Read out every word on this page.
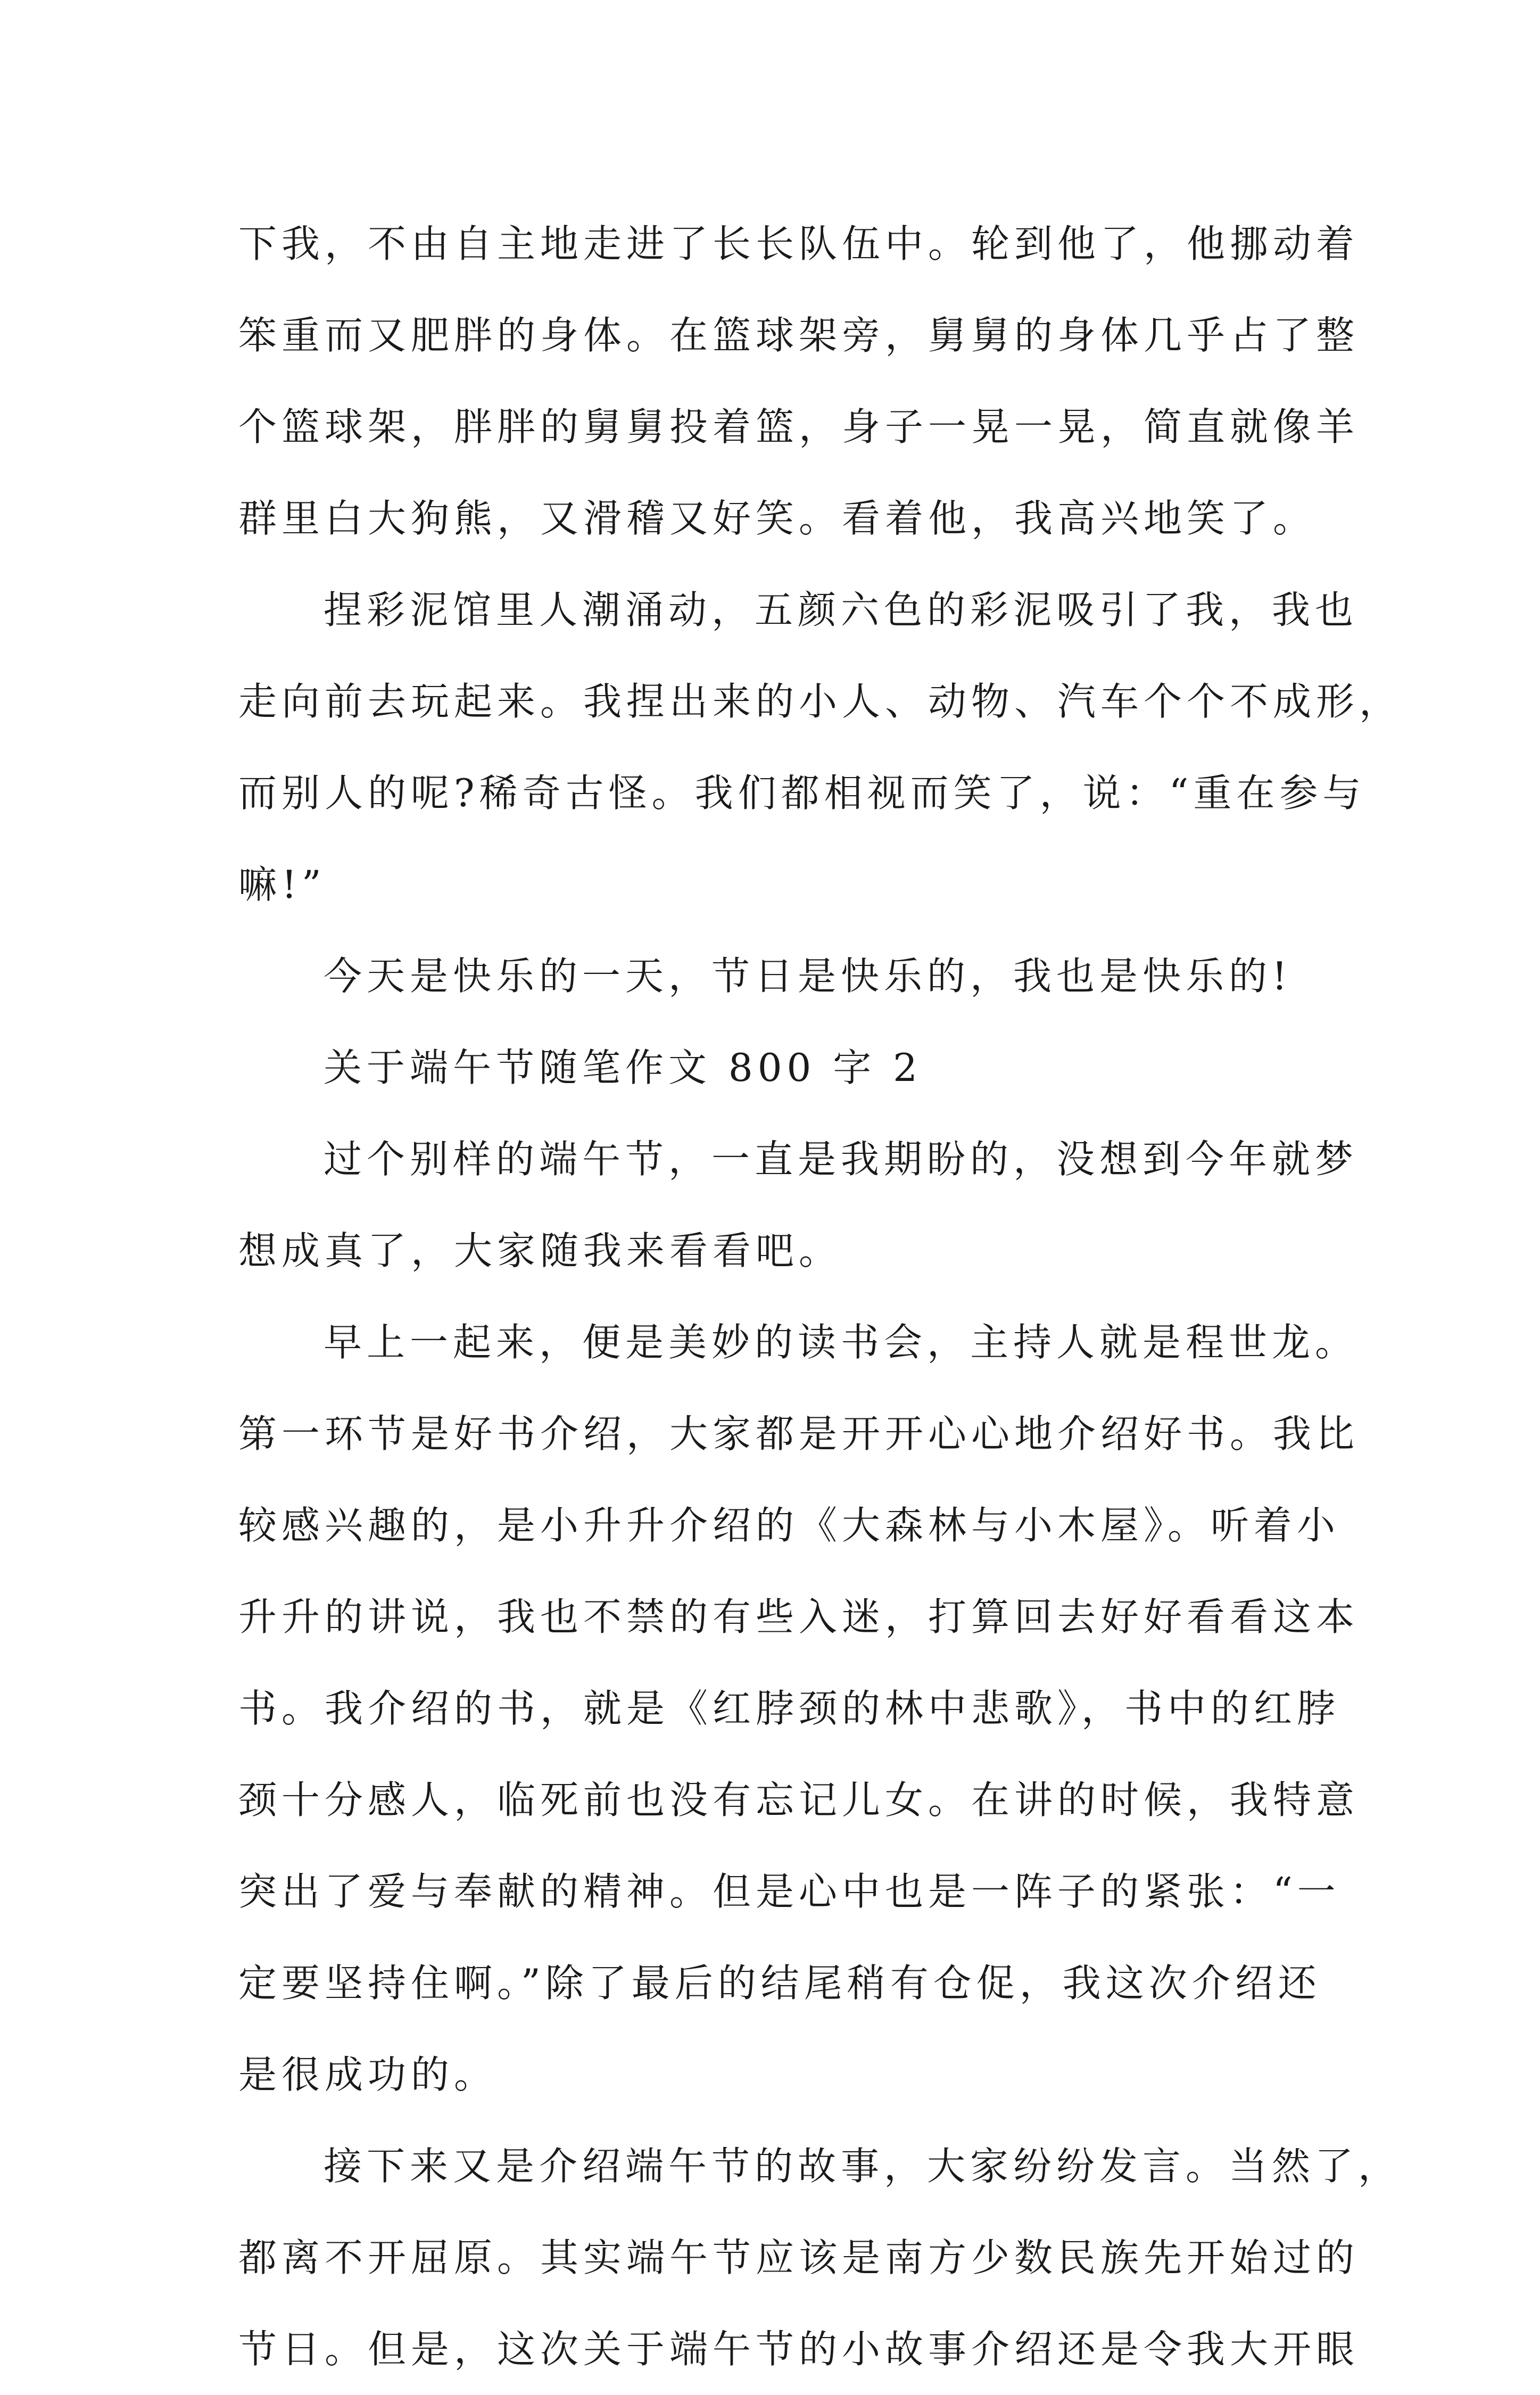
下我，不由自主地走进了长长队伍中。轮到他了，他挪动着
笨重而又肥胖的身体。在篮球架旁，舅舅的身体几乎占了整
个篮球架，胖胖的舅舅投着篮，身子一晃一晃，简直就像羊
群里白大狗熊，又滑稽又好笑。看着他，我高兴地笑了。
捏彩泥馆里人潮涌动，五颜六色的彩泥吸引了我，我也
走向前去玩起来。我捏出来的小人、动物、汽车个个不成形，
而别人的呢?稀奇古怪。我们都相视而笑了，说：“重在参与
嘛!”
今天是快乐的一天，节日是快乐的，我也是快乐的!
关于端午节随笔作文 800 字 2
过个别样的端午节，一直是我期盼的，没想到今年就梦
想成真了，大家随我来看看吧。
早上一起来，便是美妙的读书会，主持人就是程世龙。
第一环节是好书介绍，大家都是开开心心地介绍好书。我比
较感兴趣的，是小升升介绍的《大森林与小木屋》。听着小
升升的讲说，我也不禁的有些入迷，打算回去好好看看这本
书。我介绍的书，就是《红脖颈的林中悲歌》，书中的红脖
颈十分感人，临死前也没有忘记儿女。在讲的时候，我特意
突出了爱与奉献的精神。但是心中也是一阵子的紧张：“一
定要坚持住啊。”除了最后的结尾稍有仓促，我这次介绍还
是很成功的。
接下来又是介绍端午节的故事，大家纷纷发言。当然了，
都离不开屈原。其实端午节应该是南方少数民族先开始过的
节日。但是，这次关于端午节的小故事介绍还是令我大开眼
